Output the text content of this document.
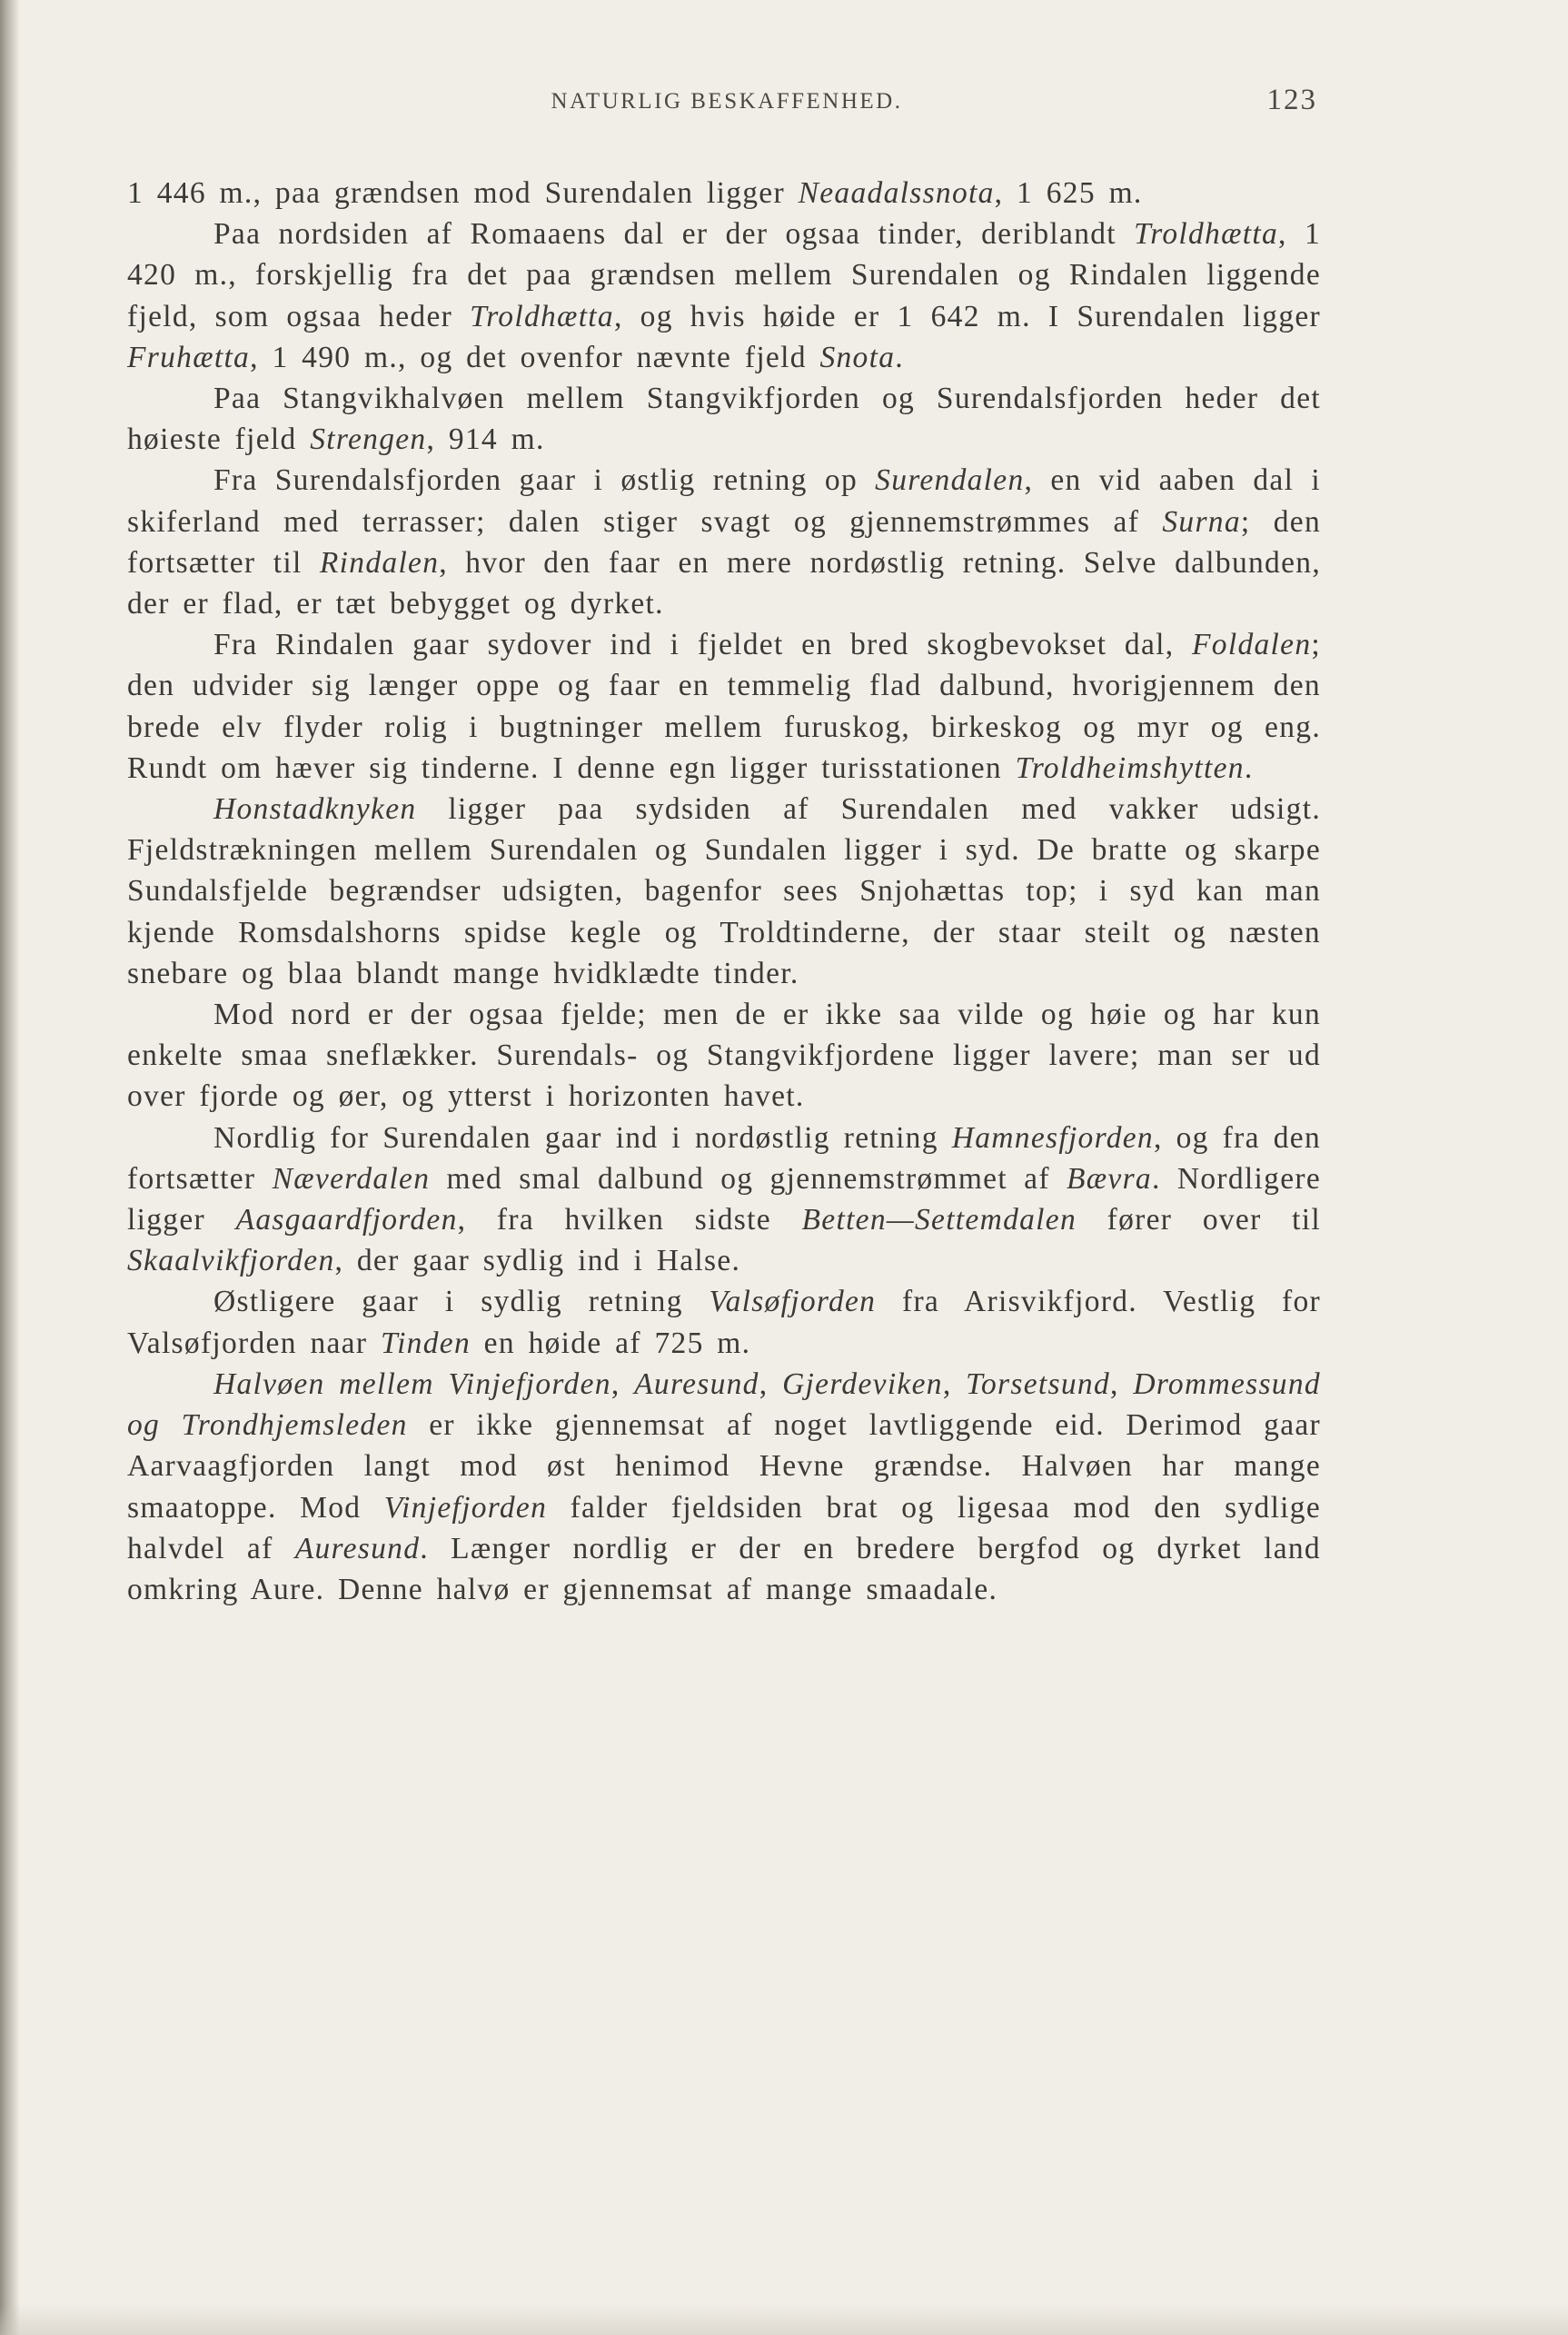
NATURLIG BESKAFFENHED.	123

1 446 m., paa grændsen mod Surendalen ligger Neaadalssnota, 1 625 m.

Paa nordsiden af Romaaens dal er der ogsaa tinder, deriblandt Troldhætta, 1 420 m., forskjellig fra det paa grændsen mellem Surendalen og Rindalen liggende fjeld, som ogsaa heder Troldhætta, og hvis høide er 1 642 m. I Surendalen ligger Fruhætta, 1 490 m., og det ovenfor nævnte fjeld Snota.

Paa Stangvikhalvøen mellem Stangvikfjorden og Surendalsfjorden heder det høieste fjeld Strengen, 914 m.

Fra Surendalsfjorden gaar i østlig retning op Surendalen, en vid aaben dal i skiferland med terrasser; dalen stiger svagt og gjennemstrømmes af Surna; den fortsætter til Rindalen, hvor den faar en mere nordøstlig retning. Selve dalbunden, der er flad, er tæt bebygget og dyrket.

Fra Rindalen gaar sydover ind i fjeldet en bred skogbevokset dal, Foldalen; den udvider sig længer oppe og faar en temmelig flad dalbund, hvorigjennem den brede elv flyder rolig i bugtninger mellem furuskog, birkeskog og myr og eng. Rundt om hæver sig tinderne. I denne egn ligger turisstationen Troldheimshytten.

Honstadknyken ligger paa sydsiden af Surendalen med vakker udsigt. Fjeldstrækningen mellem Surendalen og Sundalen ligger i syd. De bratte og skarpe Sundalsfjelde begrændser udsigten, bagenfor sees Snjohættas top; i syd kan man kjende Romsdalshorns spidse kegle og Troldtinderne, der staar steilt og næsten snebare og blaa blandt mange hvidklædte tinder.

Mod nord er der ogsaa fjelde; men de er ikke saa vilde og høie og har kun enkelte smaa sneflækker. Surendals- og Stangvikfjordene ligger lavere; man ser ud over fjorde og øer, og ytterst i horizonten havet.

Nordlig for Surendalen gaar ind i nordøstlig retning Hamnesfjorden, og fra den fortsætter Næverdalen med smal dalbund og gjennemstrømmet af Bævra. Nordligere ligger Aasgaardfjorden, fra hvilken sidste Betten—Settemdalen fører over til Skaalvikfjorden, der gaar sydlig ind i Halse.

Østligere gaar i sydlig retning Valsøfjorden fra Arisvikfjord. Vestlig for Valsøfjorden naar Tinden en høide af 725 m.

Halvøen mellem Vinjefjorden, Auresund, Gjerdeviken, Torsetsund, Drommessund og Trondhjemsleden er ikke gjennemsat af noget lavtliggende eid. Derimod gaar Aarvaagfjorden langt mod øst henimod Hevne grændse. Halvøen har mange smaatoppe. Mod Vinjefjorden falder fjeldsiden brat og ligesaa mod den sydlige halvdel af Auresund. Længer nordlig er der en bredere bergfod og dyrket land omkring Aure. Denne halvø er gjennemsat af mange smaadale.
